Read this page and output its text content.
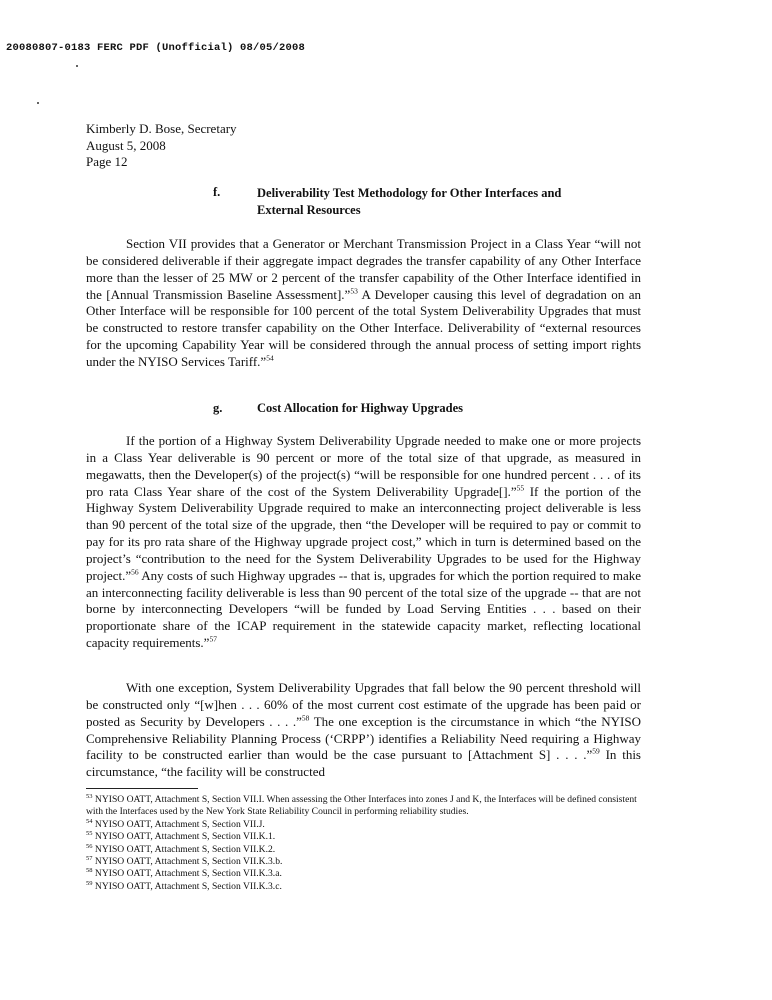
20080807-0183 FERC PDF (Unofficial) 08/05/2008
Kimberly D. Bose, Secretary
August 5, 2008
Page 12
f.	Deliverability Test Methodology for Other Interfaces and
External Resources

Section VII provides that a Generator or Merchant Transmission Project in a Class Year “will not be considered deliverable if their aggregate impact degrades the transfer capability of any Other Interface more than the lesser of 25 MW or 2 percent of the transfer capability of the Other Interface identified in the [Annual Transmission Baseline Assessment].”$^{53}$ A Developer causing this level of degradation on an Other Interface will be responsible for 100 percent of the total System Deliverability Upgrades that must be constructed to restore transfer capability on the Other Interface. Deliverability of “external resources for the upcoming Capability Year will be considered through the annual process of setting import rights under the NYISO Services Tariff.”$^{54}$

g.	Cost Allocation for Highway Upgrades

If the portion of a Highway System Deliverability Upgrade needed to make one or more projects in a Class Year deliverable is 90 percent or more of the total size of that upgrade, as measured in megawatts, then the Developer(s) of the project(s) “will be responsible for one hundred percent . . . of its pro rata Class Year share of the cost of the System Deliverability Upgrade[].”$^{55}$ If the portion of the Highway System Deliverability Upgrade required to make an interconnecting project deliverable is less than 90 percent of the total size of the upgrade, then “the Developer will be required to pay or commit to pay for its pro rata share of the Highway upgrade project cost,” which in turn is determined based on the project’s “contribution to the need for the System Deliverability Upgrades to be used for the Highway project.”$^{56}$ Any costs of such Highway upgrades -- that is, upgrades for which the portion required to make an interconnecting facility deliverable is less than 90 percent of the total size of the upgrade -- that are not borne by interconnecting Developers “will be funded by Load Serving Entities . . . based on their proportionate share of the ICAP requirement in the statewide capacity market, reflecting locational capacity requirements.”$^{57}$

With one exception, System Deliverability Upgrades that fall below the 90 percent threshold will be constructed only “[w]hen . . . 60% of the most current cost estimate of the upgrade has been paid or posted as Security by Developers . . . .”$^{58}$ The one exception is the circumstance in which “the NYISO Comprehensive Reliability Planning Process (‘CRPP’) identifies a Reliability Need requiring a Highway facility to be constructed earlier than would be the case pursuant to [Attachment S] . . . .”$^{59}$ In this circumstance, “the facility will be constructed

$^{53}$ NYISO OATT, Attachment S, Section VII.I. When assessing the Other Interfaces into zones J and K, the Interfaces will be defined consistent with the Interfaces used by the New York State Reliability Council in performing reliability studies.

$^{54}$ NYISO OATT, Attachment S, Section VII.J.

$^{55}$ NYISO OATT, Attachment S, Section VII.K.1.

$^{56}$ NYISO OATT, Attachment S, Section VII.K.2.

$^{57}$ NYISO OATT, Attachment S, Section VII.K.3.b.

$^{58}$ NYISO OATT, Attachment S, Section VII.K.3.a.

$^{59}$ NYISO OATT, Attachment S, Section VII.K.3.c.
